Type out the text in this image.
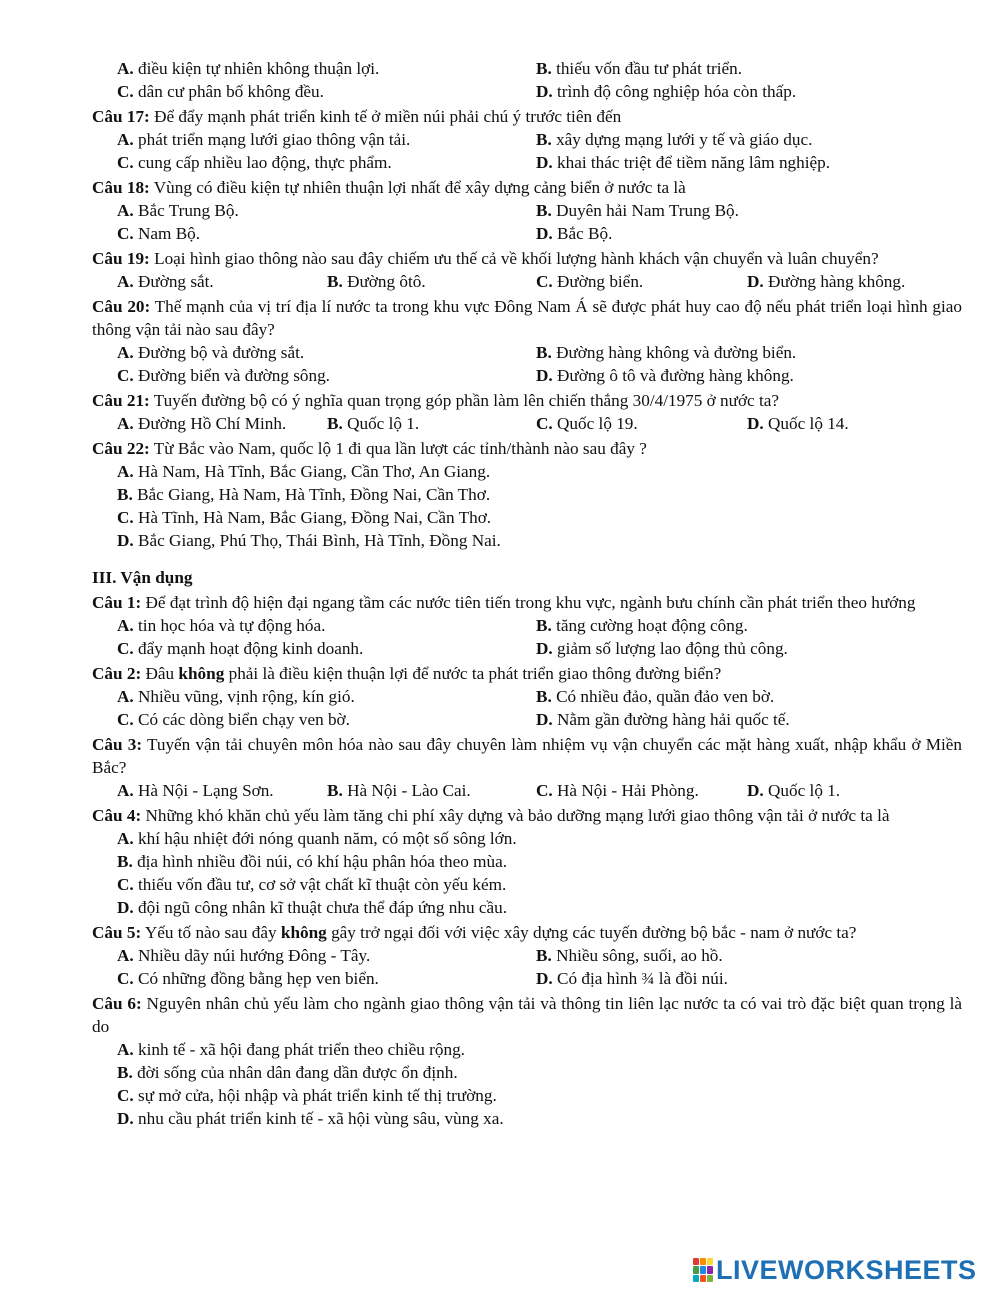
A. điều kiện tự nhiên không thuận lợi.	B. thiếu vốn đầu tư phát triển.
C. dân cư phân bố không đều.	D. trình độ công nghiệp hóa còn thấp.
Câu 17: Để đẩy mạnh phát triển kinh tế ở miền núi phải chú ý trước tiên đến
A. phát triển mạng lưới giao thông vận tải.	B. xây dựng mạng lưới y tế và giáo dục.
C. cung cấp nhiều lao động, thực phẩm.	D. khai thác triệt để tiềm năng lâm nghiệp.
Câu 18: Vùng có điều kiện tự nhiên thuận lợi nhất để xây dựng cảng biển ở nước ta là
A. Bắc Trung Bộ.	B. Duyên hải Nam Trung Bộ.
C. Nam Bộ.	D. Bắc Bộ.
Câu 19: Loại hình giao thông nào sau đây chiếm ưu thế cả về khối lượng hành khách vận chuyển và luân chuyển?
A. Đường sắt.	B. Đường ôtô.	C. Đường biển.	D. Đường hàng không.
Câu 20: Thế mạnh của vị trí địa lí nước ta trong khu vực Đông Nam Á sẽ được phát huy cao độ nếu phát triển loại hình giao thông vận tải nào sau đây?
A. Đường bộ và đường sắt.	B. Đường hàng không và đường biển.
C. Đường biển và đường sông.	D. Đường ô tô và đường hàng không.
Câu 21: Tuyến đường bộ có ý nghĩa quan trọng góp phần làm lên chiến thắng 30/4/1975 ở nước ta?
A. Đường Hồ Chí Minh. B. Quốc lộ 1.	C. Quốc lộ 19.	D. Quốc lộ 14.
Câu 22: Từ Bắc vào Nam, quốc lộ 1 đi qua lần lượt các tỉnh/thành nào sau đây ?
A. Hà Nam, Hà Tĩnh, Bắc Giang, Cần Thơ, An Giang.
B. Bắc Giang, Hà Nam, Hà Tĩnh, Đồng Nai, Cần Thơ.
C. Hà Tĩnh, Hà Nam, Bắc Giang, Đồng Nai, Cần Thơ.
D. Bắc Giang, Phú Thọ, Thái Bình, Hà Tĩnh, Đồng Nai.
III. Vận dụng
Câu 1: Để đạt trình độ hiện đại ngang tầm các nước tiên tiến trong khu vực, ngành bưu chính cần phát triển theo hướng
A. tin học hóa và tự động hóa.	B. tăng cường hoạt động công.
C. đẩy mạnh hoạt động kinh doanh.	D. giảm số lượng lao động thủ công.
Câu 2: Đâu không phải là điều kiện thuận lợi để nước ta phát triển giao thông đường biển?
A. Nhiều vũng, vịnh rộng, kín gió.	B. Có nhiều đảo, quần đảo ven bờ.
C. Có các dòng biển chạy ven bờ.	D. Nằm gần đường hàng hải quốc tế.
Câu 3: Tuyến vận tải chuyên môn hóa nào sau đây chuyên làm nhiệm vụ vận chuyển các mặt hàng xuất, nhập khẩu ở Miền Bắc?
A. Hà Nội - Lạng Sơn.	B. Hà Nội - Lào Cai.	C. Hà Nội - Hải Phòng.	D. Quốc lộ 1.
Câu 4: Những khó khăn chủ yếu làm tăng chi phí xây dựng và bảo dưỡng mạng lưới giao thông vận tải ở nước ta là
A. khí hậu nhiệt đới nóng quanh năm, có một số sông lớn.
B. địa hình nhiều đồi núi, có khí hậu phân hóa theo mùa.
C. thiếu vốn đầu tư, cơ sở vật chất kĩ thuật còn yếu kém.
D. đội ngũ công nhân kĩ thuật chưa thể đáp ứng nhu cầu.
Câu 5: Yếu tố nào sau đây không gây trở ngại đối với việc xây dựng các tuyến đường bộ bắc - nam ở nước ta?
A. Nhiều dãy núi hướng Đông - Tây.	B. Nhiều sông, suối, ao hồ.
C. Có những đồng bằng hẹp ven biển.	D. Có địa hình ¾ là đồi núi.
Câu 6: Nguyên nhân chủ yếu làm cho ngành giao thông vận tải và thông tin liên lạc nước ta có vai trò đặc biệt quan trọng là do
A. kinh tế - xã hội đang phát triển theo chiều rộng.
B. đời sống của nhân dân đang dần được ổn định.
C. sự mở cửa, hội nhập và phát triển kinh tế thị trường.
D. nhu cầu phát triển kinh tế - xã hội vùng sâu, vùng xa.
LIVEWORKSHEETS
